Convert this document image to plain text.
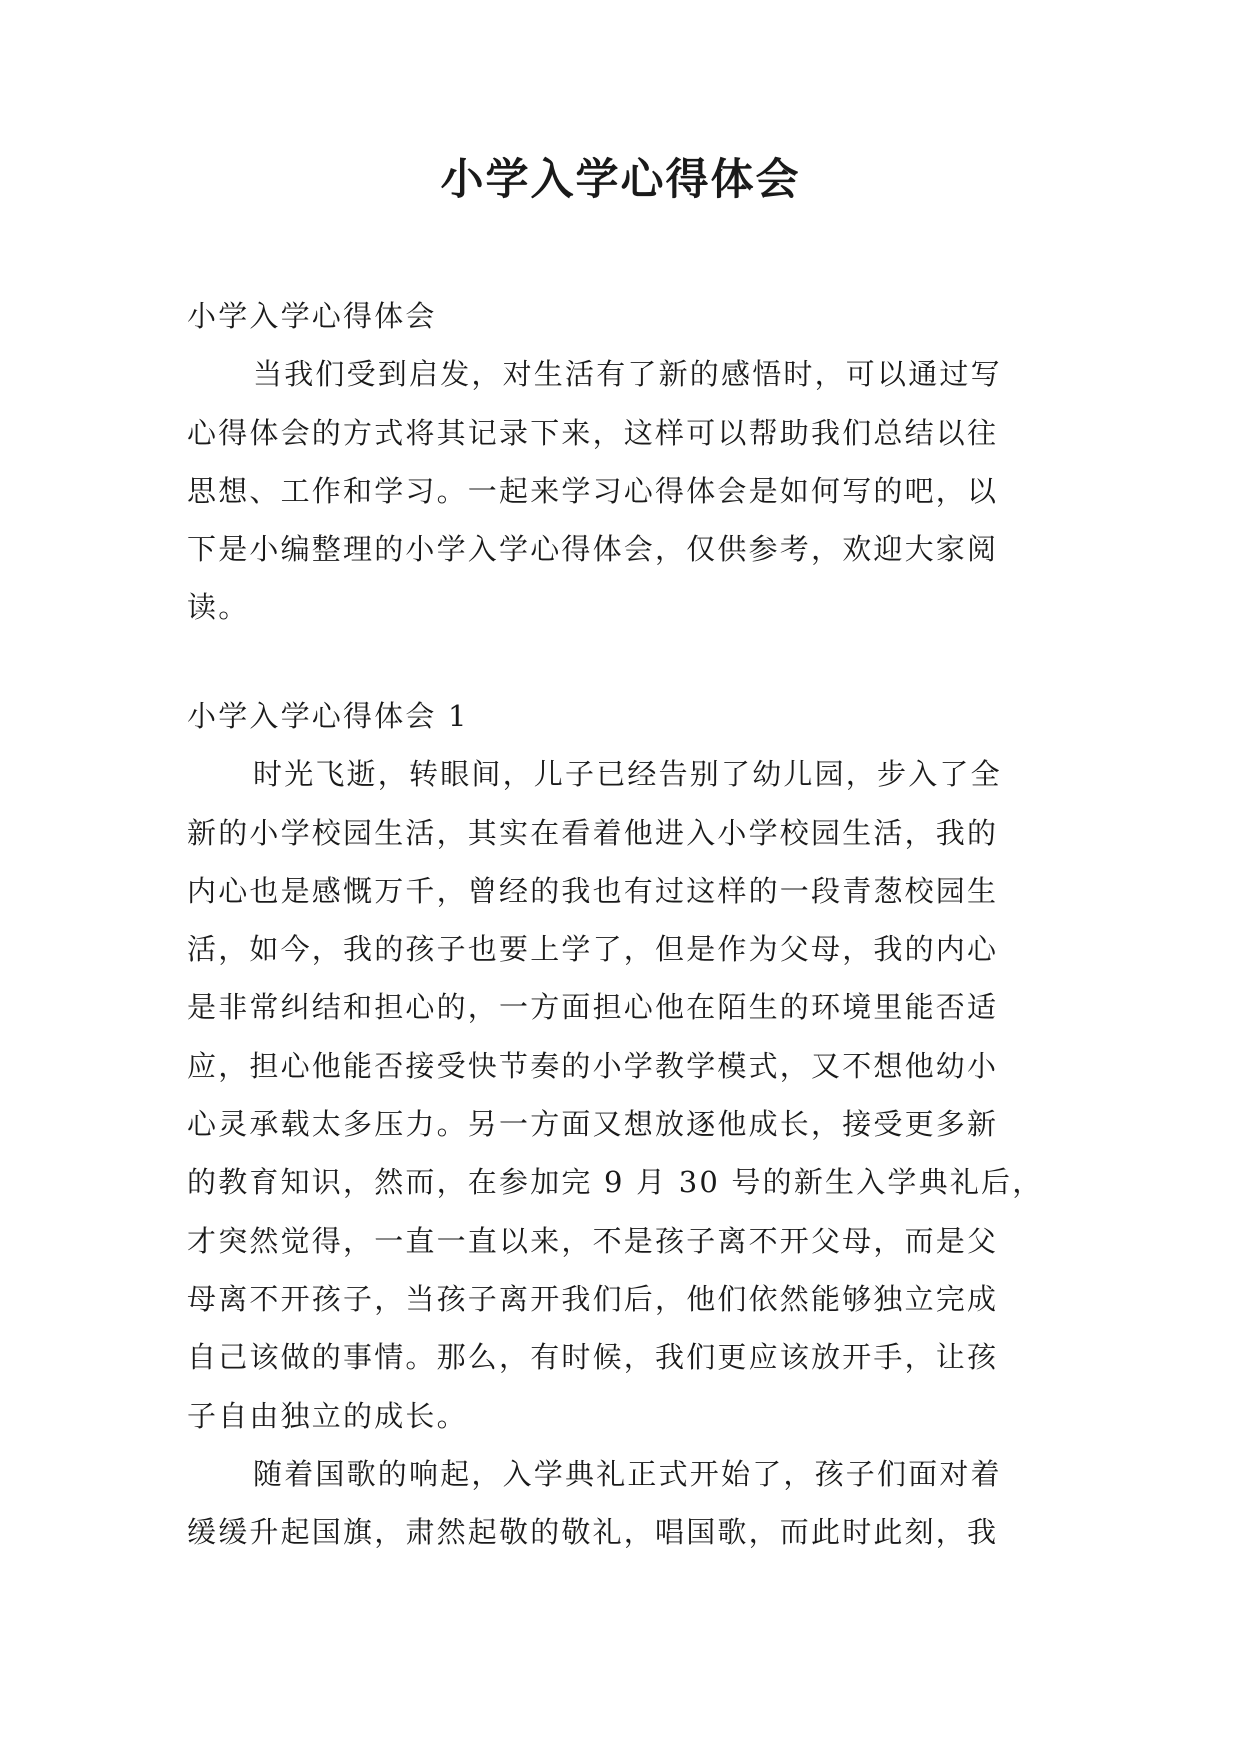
小学入学心得体会
小学入学心得体会
当我们受到启发，对生活有了新的感悟时，可以通过写
心得体会的方式将其记录下来，这样可以帮助我们总结以往
思想、工作和学习。一起来学习心得体会是如何写的吧，以
下是小编整理的小学入学心得体会，仅供参考，欢迎大家阅
读。
小学入学心得体会 1
时光飞逝，转眼间，儿子已经告别了幼儿园，步入了全
新的小学校园生活，其实在看着他进入小学校园生活，我的
内心也是感慨万千，曾经的我也有过这样的一段青葱校园生
活，如今，我的孩子也要上学了，但是作为父母，我的内心
是非常纠结和担心的，一方面担心他在陌生的环境里能否适
应，担心他能否接受快节奏的小学教学模式，又不想他幼小
心灵承载太多压力。另一方面又想放逐他成长，接受更多新
的教育知识，然而，在参加完 9 月 30 号的新生入学典礼后，
才突然觉得，一直一直以来，不是孩子离不开父母，而是父
母离不开孩子，当孩子离开我们后，他们依然能够独立完成
自己该做的事情。那么，有时候，我们更应该放开手，让孩
子自由独立的成长。
随着国歌的响起，入学典礼正式开始了，孩子们面对着
缓缓升起国旗，肃然起敬的敬礼，唱国歌，而此时此刻，我
